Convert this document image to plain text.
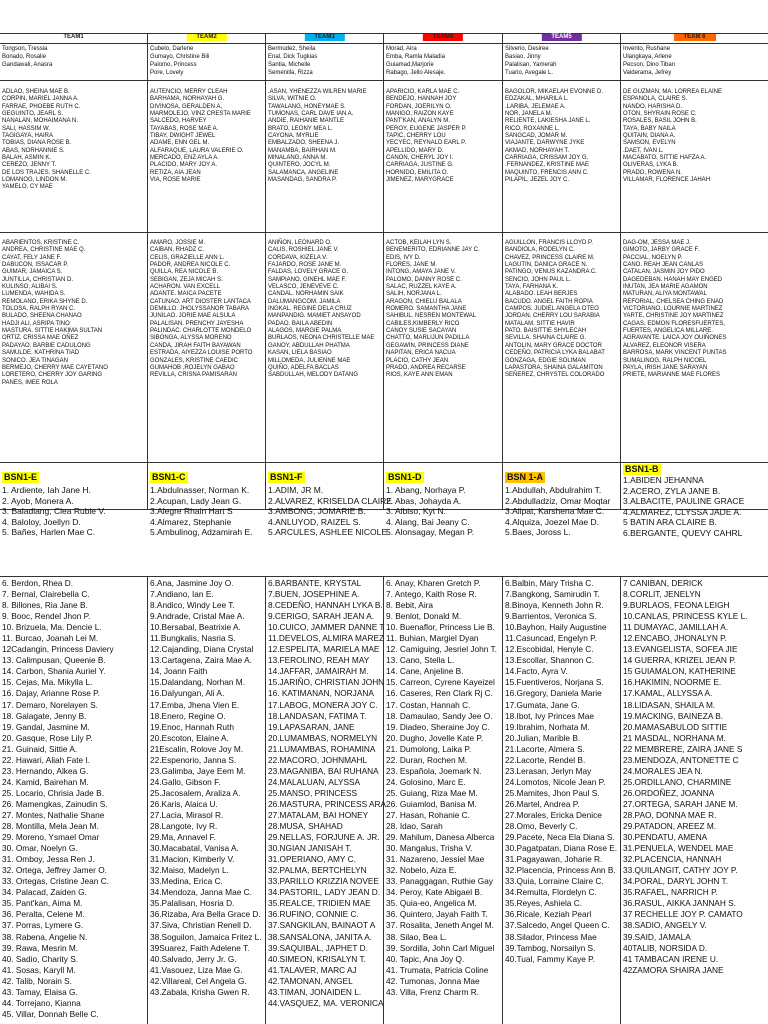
TEAM1
Tongson, Tressia
Bonado, Rosalie
Gandawali, Anasra
ADLAO, SHEINA MAE B.
CORPIN, MARIEL JANNA A.
FARRAE, PHOEBE RUTH C.
GEGUINTO, JEARL S.
NANALAN, MOHAIMANA N.
SALI, HASSIM W.
TAGIGAYA, HAIRA
TOBIAS, DIANA ROSE B.
ABAS, NORHANNIE S.
BALAH, ASMIN K.
CEREZO, JENNY T.
DE LOS TRAJES, SHANELLE C.
LOMANOG, LINDON M.
YAMELO, CY MAE
ABARIENTOS, KRISTINE C.
ANDREA, CHRISTINE MAE Q.
CAYAT, FELY JANE F.
DABUCON, ISSACAR P.
GUIMAR, JAMAICA S.
JUNTILLA, CHRISTIAN D.
KULINSO, ALIBAI S.
LUMENDA, WAHIDA S.
REMOLANO, ERIKA SHYNE D.
TOLOSA, RALPH RYAN C.
BULADO, SHEENA CHANAO
HADJI ALI, ASRIPA TINO
MASTURA. SITTIE HAKIMA SULTAN
ORTIZ. CRISSA MAE OÑEZ
PADAYAO. BARBIE CADULONG
SAMULDE. KATHRINA TIAD
SONICO. JEA TINAGAN
BERMEJO, CHERRY MAE CAYETANO
LORETERO, CHERRY JOY GARING
PANES, IMEE ROLA
BSN1-E
1. Ardiente, Iah Jane H.
2. Ayob, Monera A.
3. Baladiang, Clea Rubie V.
4. Baloloy, Joellyn D.
5. Bañes, Harlen Mae C.
TEAM2
Cubelo, Darlene
Gumayo, Christine Bili
Palomo, Princess
Pore, Lovely
AUTENCIO, MERRY CLEAH
BARHAMA, NORHAYAH G.
DIVINOSA, GERALDEN A,
MARMOLEJO, VINZ CRESTA MARIE
SALCEDO, HARVEY
TAYABAS, ROSE MAE A.
TIBAY, DWIGHT JEWEL
ADAME, ENN GEL M.
ALFARAQUE, LAURA VALERIE O.
MERCADO, ENZ AYLA A.
PLACIDO, MARY JOY A.
RETIZA, AIA JEAN
VIA, ROSE MARIE
AMARO, JOSSIE M.
CAIBAN, RHADZ C.
CELIS, GRAZIELLE ANN L.
PADOR, ANDREA NICOLE C.
QUILLA, REA NICOLE B.
SEBIGAN, ZEJA MICAH S.
ACHARON. VAN EXCELL
ADANTE. MAICA PACETE
CATUNAO. ART DIOSTER LANTACA
DEMILLO. JHOLYSSANOR TABARA
JUNILAO. JORIE MAE ALSULA
PALALISAN. PRENCHY JAYESHA
PALINDAC. CHARLOTTE MONDELO
SIBONGA, ALYSSA MORENO
CANDA, JIRAH FAITH BAYAWAN
ESTRADA, AIYEZZA LOUISE PORTO
GONZALES, KRISTINE CAEDIC
GUMAHOB ,ROJELYN GABAO
REVILLA, CRISNA PAMISARAN
BSN1-C
1.Abdulnasser, Norman K.
2.Acupan, Lady Jean G.
3.Alegre Rhain Hart S
4.Almarez, Stephanie
5.Ambulinog, Adzamirah E.
TEAM3
Bermudez, Sheila
Enal, Dick Tugkias
Santia, Michelle
Semenilla, Rizza
.ASAN, YHENEZZA WILREN MARIE
SILVA, WITNIE O.
TAWALANG, HONEYMAE S.
TUMONAS, CARL DAVE IAN A.
ANDIE, RAIHANIE MANTLE
BRATO, LEONY MEA L.
CAYONA, MYRLIE
EMBALZADO, SHEENA J.
MANAMBA, BAIRHAN M.
MINALANG, ANNA M.
QUINTERO, JOCYL M.
SALAMANCA, ANGELINE
MASANDAG, SANDRA P.
ANIÑON, LEONARD O.
CALIS, ROSHIEL JANE V.
CORDAVA, KIZELA V.
FAJARDO, ROSE JANE M.
FALDAS, LOVELY GRACE G.
SAMPIANO, GINEHL MAE F.
VELASCO, JENEVEVE C.
CANDAL. NORHAMIN SAIK
DALUMANGCOM. JAMILA
INGKAL. REGINE DELA CRUZ
MANPANDIG. MAMIET ANSAYOD
PADAO. BAILA ABEDIN
ALAGOS, MARGIE PALMA
BURLAOS, NEONA CHRISTELLE MAE
GANOY, ABDULLAH PHATMA
KASAN, LIELA BASIAO
MILLOMEDA, JULIENNE MAE
QUIÑO, ADELFA BACLAS
SABDULLAH, MELODY DATANG
BSN1-F
1.ADIM, JR M.
2.ALVAREZ, KRISELDA CLAIRE
3.AMBONG, JOMARIE B.
4.ANLUYOD, RAIZEL S.
5.ARCULES, ASHLEE NICOLE
TEAM4
Morad, Aira
Emba, Ramla Maladia
Guiamad,Marjorie
Rabago, Jello Alesaje.
APARICIO, KARLA MAE C.
BENDEJO, HANNAH JOY
FORDAN, JOERILYN O.
MANIGO, RAIZON KAYE
PANT'KAN, ANALYN M.
PEROY, EUGENE JASPER P.
TAPIC, CHERRY LOU
YECYEC, REYNALD EARL P.
APELLIDO, MARY D.
CANON, CHERYL JOY I.
CARRIAGA, JUSTINE G.
HORNIDO, EMILITA O.
JIMENEZ, MARYGRACE
ACTOB, KEILAH LYN S.
BENEMERITO, EDRIANNE JAY C.
EDIS, IVY D.
FLORES, JANE M.
INTONG, AMAYA JANE V.
PALOMO, DANNY ROSE C.
SALAC, RUZZEL KAYE A.
SALIH, NORJANA L.
ARAGON, CHIELU BALALA
ROMERO. SAMANTHA JANE
SAHIBUL. NESREN MONTEWAL
CABILES,KIMBERLY RICO
CANOY SUSIE SACAYAN
CHATTO, MARLIJUN PADILLA
GEGAWIN, PRINCESS DIANE
NAPITAN, ERICA NACUA
PLACIO, CATHY JEAN
PRADO, ANDREA RECARSE
RIOS, KAYE ANN EMAN
BSN1-D
1. Abang, Norhaya P.
2. Abas, Johayda A.
3. Albiso, Kyt N.
4. Alang, Bai Jeany C.
5. Alonsagay, Megan P.
TEAM5
Silverio, Desiree
Basiao, Jinny
Palalisan, Yamerah
Tuario, Avegale L.
BAGOLOR, MIKAELAH EVONNE D.
EDZAKAL, MHARILA L.
.LARIBA, JELEMAE A.
NOR, JANELA M.
RELIENTE, LAKIESHA JANE L.
RICO, ROXANNE L.
SANGCAD, JOMAR M.
VIAJANTE, DARWYNE JYKE
AKMAD, NORHAYAH T.
CARRIAGA, CRISSAM JOY G.
.FERNANDEZ, KRISTINE MAE
MAQUINTO, FRENCIS ANN C.
PILAPIL, JEZEL JOY C.
AGUILLON, FRANCIS LLOYD P.
BANDIOLA, RODELYN C.
CHAVEZ, PRINCESS CLAIRE M.
LAGUTIN, DANICA GRACE N.
PATINGO, VENUS KAZANDRA C.
SENCIO, JOHN PAUL L.
TAYA, FARHANA K.
ALABADO. LEAH BERJES
BACUDO. ANGEL FAITH ROPIA
CAMPOS. JUDIEL ANGELA OTEO
JORDAN. CHERRY LOU SARABIA
MATALAM. SITTIE HAVIR
PATO. BAISITTIE SHYLECAH
SEVILLA. SHAINA CLAIRE G.
ANTOLIN, MARY GRACE DOCTOR
CEDEÑO, PATRICIA LYKA BALABAT
GONZAGA, EDGIE SOLIMAN
LAPASTORA, SHAINA GALAMITON
SEÑEREZ, CHRYSTEL COLORADO
BSN 1-A
1.Abdullah, Abdulrahim T.
2.Abdulladziz, Omar Moqtar
3.Alipat, Karshena Mae C.
4.Alquiza, Joezel Mae D.
5.Baes, Joross L.
TEAM 6
Invento, Rushane
Ulangkaya, Arlene
Pecson, Dino Tiban
Valderama, Jefrey
DE GUZMAN, MA. LORREA ELAINE
ESPANOLA, CLAIRE S.
NANDO, HARISHA D.
OTON, SHYRAIN ROSE C.
ROSALES, BASIL JOHN B.
TAYA, BABY NAILA
QUITAIN, DIANA A.
SAMSON, EVELYN
.DAET, IVAN L.
MACABATO, SITTIE HAFZA A.
OLIVERAS, LYKA B.
PRADO, ROWENA N.
VILLAMAR, FLORENCE JAHAH
DAG-OM, JESSA MAE J.
GIMOTO, JARBY GRACE F.
PACCIAL, NOELYN P.
CANO. REAH JEAN CANLAS
CATALAN. JASMIN JOY PIDO
DAGEDEBAN. HANAH MAY ENGED
INUTAN, JEA MARIE AGAMON
MATURAN, ALIYA MONTAWAL
REFORIAL, CHELSEA CHING ENAD
VICTORIANO, LOURNIE MARTINEZ
YARTE, CHRISTINE JOY MARTINEZ
CAGAS, EDMON FLORESFUERTES,
FUERTES, ANGELICA MILLARE.
AGRAVANTE. LAICA JOY OUIÑONES
ALVAREZ, ELEONOR VISERA
BARROSA, MARK VINCENT PUNTAS
SUMALINOG, RALPH NICOEL
PAYLA, IRISH JANE SARAYAN
PRIETE, MARIANNE MAE FLORES
BSN1-B
1.ABIDEN JEHANNA
2.ACERO, ZYLA JANE B.
3.ALBACITE, PAULINE GRACE
4.ALMAREZ, CLYSSA JADE A.
5 BATIN ARA CLAIRE B.
6.BERGANTE, QUEVY CAHRL
6. Berdon, Rhea D.
7. Bernal, Clairebella C.
8. Billones, Ria Jane B.
9. Booc, Rendel Jhon P.
10. Brizuela, Ma. Dencie L.
11. Burcao, Joanah Lei M.
12Cadangin, Princess Daviery
13. Calimpusan, Queenie B.
14. Carbon, Shania Auriel Y.
15. Cejas, Ma. Mikylla L.
16. Dajay, Arianne Rose P.
17. Demaro, Norelayen S.
18. Galagate, Jenny B.
19. Gandal, Jasmine M.
20. Gasque, Rose Lily P.
21. Guinaid, Sittie A.
22. Hawari, Aliah Fate I.
23. Hernando, Alkea G.
24. Kamid, Bairehan M.
25. Locario, Chrisia Jade B.
26. Mamengkas, Zainudin S.
27. Montes, Nathalie Shane
28. Montilla, Mela Jean M.
29. Moreno, Ysmael Omar
30. Omar, Noelyn G.
31. Omboy, Jessa Ren J.
32. Ortega, Jeffrey Jamer O.
33. Ortegas, Cristine Jean C.
34. Palacad, Zaiden G.
35. Pant'kan, Aima M.
36. Peralta, Celene M.
37. Porras, Lymere G.
38. Rabena, Angelie N.
39. Rawa, Mesrin M.
40. Sadio, Charity S.
41. Sosas, Karyll M.
42. Talib, Norain S.
43. Tamay, Elaisa G.
44. Torrejano, Kianna
45. Villar, Donnah Belle C.
6.Ana, Jasmine Joy O.
7.Andiano, Ian E.
8.Andico, Windy Lee T.
9.Andrade, Cristal Mae A.
10.Bersabal, Beatrixie A.
11.Bungkalis, Nasria S.
12.Cajanding, Diana Crystal
13.Cartagena, Zaira Mae A.
14, Joann Faith
15.Dalandang, Norhan M.
16.Dalyungan, Ali A.
17.Emba, Jhena Vien E.
18.Enero, Regine O.
19.Enoc, Hannah Ruth
20.Escoton, Elaine A.
21Escalin, Rolove Joy M.
22.Espenorio, Janna S.
23.Galimba, Jaye Eem M.
24.Gallo, Gibson F.
25.Jacosalem, Araliza A.
26.Karis, Alaica U.
27.Lacia, Mirasol R.
28.Langote, Ivy R.
29.Ma, Annavel F.
30.Macabatal, Vanisa A.
31.Macion, Kimberly V.
32.Maiso, Madelyn L.
33.Medina, Erica C.
34.Mendoza, Janna Mae C.
35.Palalisan, Hosria D.
36.Rizaba, Ara Bella Grace D.
37.Siva, Christian Renell D.
38.Soguilon, Jamaica Fritez L.
39Suarez, Faith Adelene T.
40.Salvado, Jerry Jr. G.
41.Vasouez, Liza Mae G.
42.Villareal, Cel Angela G.
43.Zabala, Krisha Gwen R.
6.BARBANTE, KRYSTAL
7.BUEN, JOSEPHINE A.
8.CEDEÑO, HANNAH LYKA B.
9.CERIGO, SARAH JEAN A.
10.CUICO, JAMMER DANNE T
11.DEVELOS, ALMIRA MAREZ
12.ESPELITA, MARIELA MAE
13.FEROLINO, REAH MAY
14.JAFFAR, JAMAIRAH M.
15.JARIÑO, CHRISTIAN JOHN
16. KATIMANAN, NORJANA
17.LABOG, MONERA JOY C.
18.LANDASAN, FATIMA T.
19.LAPASARAN, JANE
20.LUMAMBAS, NORMELYN
21.LUMAMBAS, ROHAMINA
22.MACORO, JOHNMAHL
23.MAGANIBA, BAI RUHANA
24.MALALUAN, ALYSSA
25.MANSO, PRINCESS
26.MASTURA, PRINCESS ARA
27.MATALAM, BAI HONEY
28.MUSA, SHAHAD
29.NELLAS, FORJUNE A. JR.
30.NGIAN JANISAH T.
31.OPERIANO, AMY C.
32.PALMA, BERTCHELYN
33.PARILLO KRIZZIA NOVEE
34.PASTORIL, LADY JEAN D.
35.REALCE, TRIDIEN MAE
36.RUFINO, CONNIE C.
37.SANGKILAN, BAINAOT A
38.SANSALONA, JANITA A.
39.SAQUIBAL, JAPHET D.
40.SIMEON, KRISALYN T.
41.TALAVER, MARC AJ
42.TAMONAN, ANGEL
43.TIMAN, JONAIDEN L.
44.VASQUEZ, MA. VERONICA
6. Anay, Kharen Gretch P.
7. Antego, Kaith Rose R.
8. Bebit, Aira
9. Benlot, Donald M.
10. Buenaflor, Princess Lie B.
11. Buhian, Margiel Dyan
12. Camiguing, Jesriel John T.
13. Cano, Stella L.
14. Cane, Anjeline B.
15. Carreon, Cyrene Kayeizel
16. Caseres, Ren Clark Rj C.
17. Costan, Hannah C.
18. Damaulao, Sandy Jee O.
19. Diadeo, Sheraine Joy C.
20. Dugho, Jovelle Kate P.
21. Dumolong, Laika P.
22. Duran, Rochen M.
23. Española, Joemark N.
24. Golosino, Marc E.
25. Guiang, Riza Mae M.
26. Guiamlod, Banisa M.
27. Hasan, Rohanie C.
28. Idao, Sarah
29. Mahilum, Danesa Alberca
30. Mangalus, Trisha V.
31. Nazareno, Jessiel Mae
32. Nobelo, Aiza E.
33. Panaggagan, Ruthie Gay
34. Peroy, Kate Abigael B.
35. Quia-eo, Angelica M.
36. Quintero, Jayah Faith T.
37. Rosalita, Jeneth Angel M.
38. Silao, Bea L.
39. Sordilla, John Carl Miguel
40. Tapic, Ana Joy Q.
41. Trumata, Patricia Coline
42. Tumonas, Jonna Mae
43. Villa, Frenz Charm R.
6.Balbin, Mary Trisha C.
7.Bangkong, Samirudin T.
8.Binoya, Kenneth John R.
9.Barrientos, Veronica S.
10.Bayhon, Haily Augustine
11.Casuncad, Engelyn P.
12.Escobidal, Henyle C.
13.Escollar, Shannon C.
14.Facto, Ayra V.
15.Fuentiveros, Norjana S.
16.Gregory, Daniela Marie
17.Gumata, Jane G.
18.Ibot, Ivy Princes Mae
19.Ibrahim, Norhata M.
20.Julian, Marible B.
21.Lacorte, Almera S.
22.Lacorte, Rendel B.
23.Lerasan, Jerlyn May
24.Lomotos, Nicole Jean P.
25.Mamites, Jhon Paul S.
26.Martel, Andrea P.
27.Morales, Ericka Denice
28.Omo, Beverly C.
29.Pacete, Neca Ela Diana S.
30.Pagatpatan, Diana Rose E.
31.Pagayawan, Joharie R.
32.Placencia, Princess Ann B.
33.Quia, Lorraine Claire C.
34.Remulta, Flordelyn C.
35.Reyes, Ashiela C.
36.Ricale, Keziah Pearl
37.Salcedo, Angel Queen C.
38.Silador, Princess Mae
39.Tambog, Norsailyn S.
40.Tual, Fammy Kaye P.
7 CANIBAN, DERICK
8.CORLIT, JENELYN
9.BURLAOS, FEONA LEIGH
10.CANLAS, PRINCESS KYLE L.
11 DUMAYAC, JAMILLAH A.
12.ENCABO, JHONALYN P.
13.EVANGELISTA, SOFEA JIE
14 GUERRA, KRIZEL JEAN P.
15 GUIAMALON, KATHERINE
16.HAKIMIN, NOORME E.
17.KAMAL, ALLYSSA A.
18.LIDASAN, SHAILA M.
19.MACKING, BAINEZA B.
20.MAMASABULOD SITTIE
21 MASDAL, NORHANA M.
22 MEMBRERE, ZAIRA JANE S
23.MENDOZA, ANTONETTE C
24.MORALES JEA N.
25.ORDILLANO, CHARMINE
26.ORDOÑEZ, JOANNA
27.ORTEGA, SARAH JANE M.
28.PAO, DONNA MAE R.
29.PATADON, AREEZ M.
30.PENDATU, AMENA
31.PENUELA, WENDEL MAE
32.PLACENCIA, HANNAH
33.QUILANGIT, CATHY JOY P.
34.PORAL, DARYL JOHN T.
35.RAFAEL, NARRICH P.
36.RASUL, AIKKA JANNAH S.
37 RECHELLE JOY P. CAMATO
38.SADIO, ANGELY V.
39.SAID, JAMALA
40TALIB, NORSIDA D.
41 TAMBACAN IRENE U.
42ZAMORA SHAIRA JANE
